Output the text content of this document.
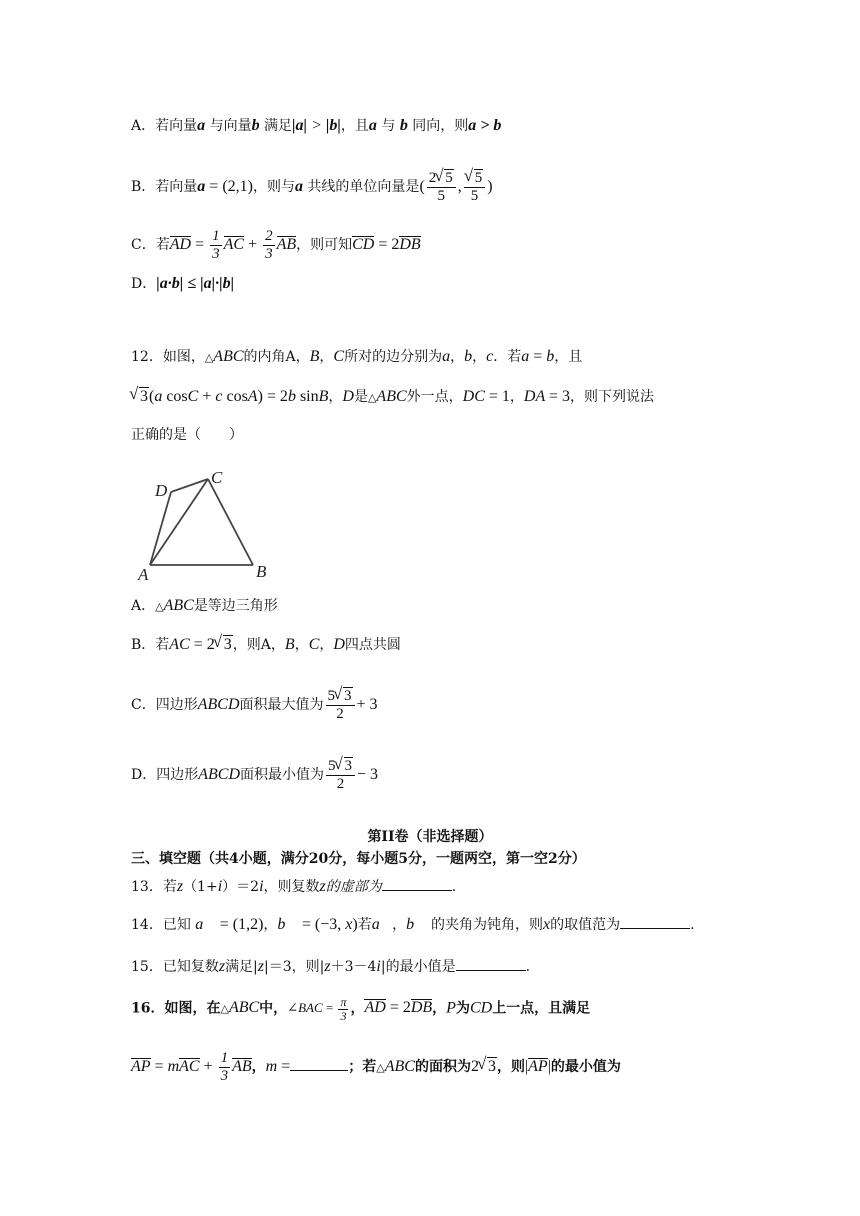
A．若向量a 与向量b 满足|a| > |b|，且a 与 b 同向，则a > b
B．若向量a = (2,1)，则与a 共线的单位向量是( $\frac{2 √ 5}{5}$ , √ $\frac{5}{5}$ )
C．若AD = $\frac{1}{3}$ AC + $\frac{2}{3}$ AB，则可知CD = 2DB
D．|a·b| ≤ |a|·|b|
12．如图，△ABC的内角A，B，C所对的边分别为a，b，c．若a = b，且
√ 3(a cosC + c cosA) = 2b sinB，D是△ABC外一点，DC = 1，DA = 3，则下列说法
正确的是（　　）
D
C
A	B
A．△ABC是等边三角形
B．若AC = 2 √ 3，则A，B，C，D四点共圆
C．四边形ABCD面积最大值为 $\frac{5 √ 3}{2} + 3$
D．四边形ABCD面积最小值为 $\frac{5 √ 3}{2} - 3$
第II卷（非选择题）
三、填空题（共4小题，满分20分，每小题5分，一题两空，第一空2分）
13．若z（1+i）＝2i，则复数z的虚部为	.
14．已知 a⃗ = (1,2)，b⃗ = (−3, x)若a⃗，b⃗ 的夹角为钝角，则x的取值范为	.
15．已知复数z满足|z|＝3，则|z＋3－4i|的最小值是	.
16．如图，在△ABC中，∠BAC = $\frac{\pi}{3}$ ，AD = 2DB，P为CD上一点，且满足
AP = mAC + $\frac{1}{3}$ AB，m =	；若△ABC的面积为2 √ 3，则|AP|的最小值为
